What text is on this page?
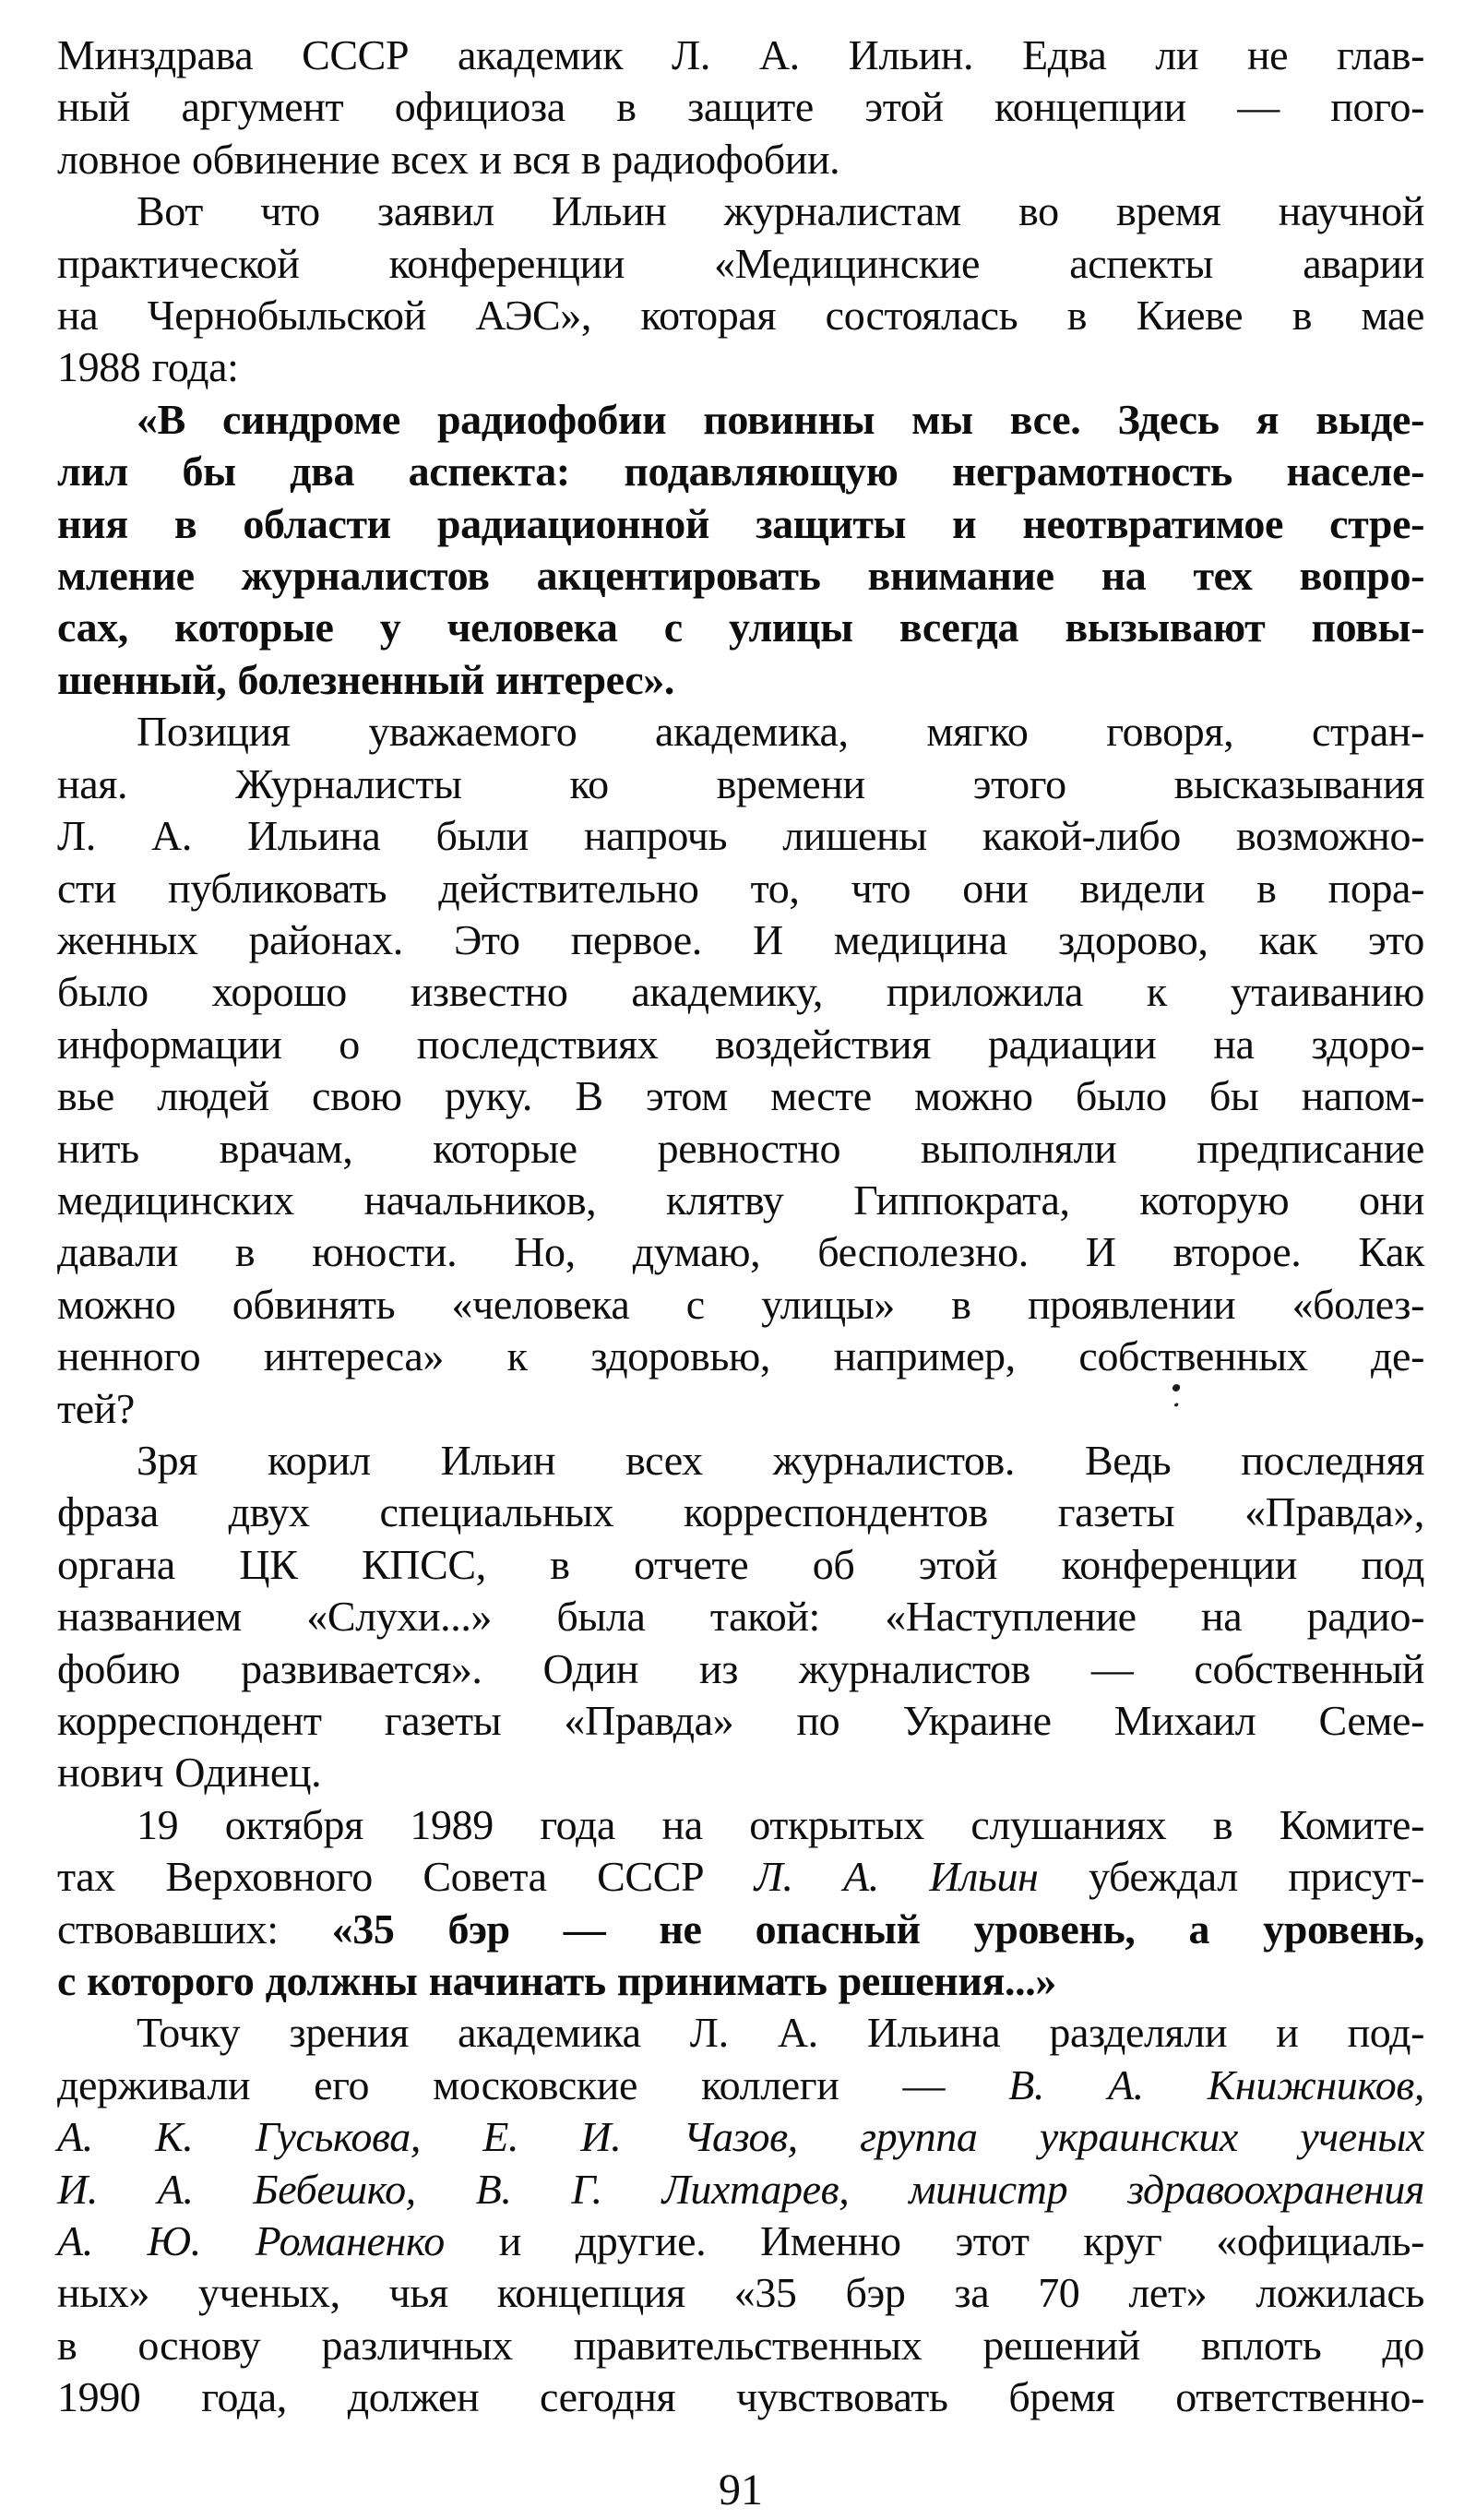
Минздрава СССР академик Л. А. Ильин. Едва ли не глав-
ный аргумент официоза в защите этой концепции — пого-
ловное обвинение всех и вся в радиофобии.
Вот что заявил Ильин журналистам во время научной
практической конференции «Медицинские аспекты аварии
на Чернобыльской АЭС», которая состоялась в Киеве в мае
1988 года:
«В синдроме радиофобии повинны мы все. Здесь я выде-
лил бы два аспекта: подавляющую неграмотность населе-
ния в области радиационной защиты и неотвратимое стре-
мление журналистов акцентировать внимание на тех вопро-
сах, которые у человека с улицы всегда вызывают повы-
шенный, болезненный интерес».
Позиция уважаемого академика, мягко говоря, стран-
ная. Журналисты ко времени этого высказывания
Л. А. Ильина были напрочь лишены какой-либо возможно-
сти публиковать действительно то, что они видели в пора-
женных районах. Это первое. И медицина здорово, как это
было хорошо известно академику, приложила к утаиванию
информации о последствиях воздействия радиации на здоро-
вье людей свою руку. В этом месте можно было бы напом-
нить врачам, которые ревностно выполняли предписание
медицинских начальников, клятву Гиппократа, которую они
давали в юности. Но, думаю, бесполезно. И второе. Как
можно обвинять «человека с улицы» в проявлении «болез-
ненного интереса» к здоровью, например, собственных де-
тей?
Зря корил Ильин всех журналистов. Ведь последняя
фраза двух специальных корреспондентов газеты «Правда»,
органа ЦК КПСС, в отчете об этой конференции под
названием «Слухи...» была такой: «Наступление на радио-
фобию развивается». Один из журналистов — собственный
корреспондент газеты «Правда» по Украине Михаил Семе-
нович Одинец.
19 октября 1989 года на открытых слушаниях в Комите-
тах Верховного Совета СССР Л. А. Ильин убеждал присут-
ствовавших: «35 бэр — не опасный уровень, а уровень,
с которого должны начинать принимать решения...»
Точку зрения академика Л. А. Ильина разделяли и под-
держивали его московские коллеги — В. А. Книжников,
А. К. Гуськова, Е. И. Чазов, группа украинских ученых
И. А. Бебешко, В. Г. Лихтарев, министр здравоохранения
А. Ю. Романенко и другие. Именно этот круг «официаль-
ных» ученых, чья концепция «35 бэр за 70 лет» ложилась
в основу различных правительственных решений вплоть до
1990 года, должен сегодня чувствовать бремя ответственно-
91
